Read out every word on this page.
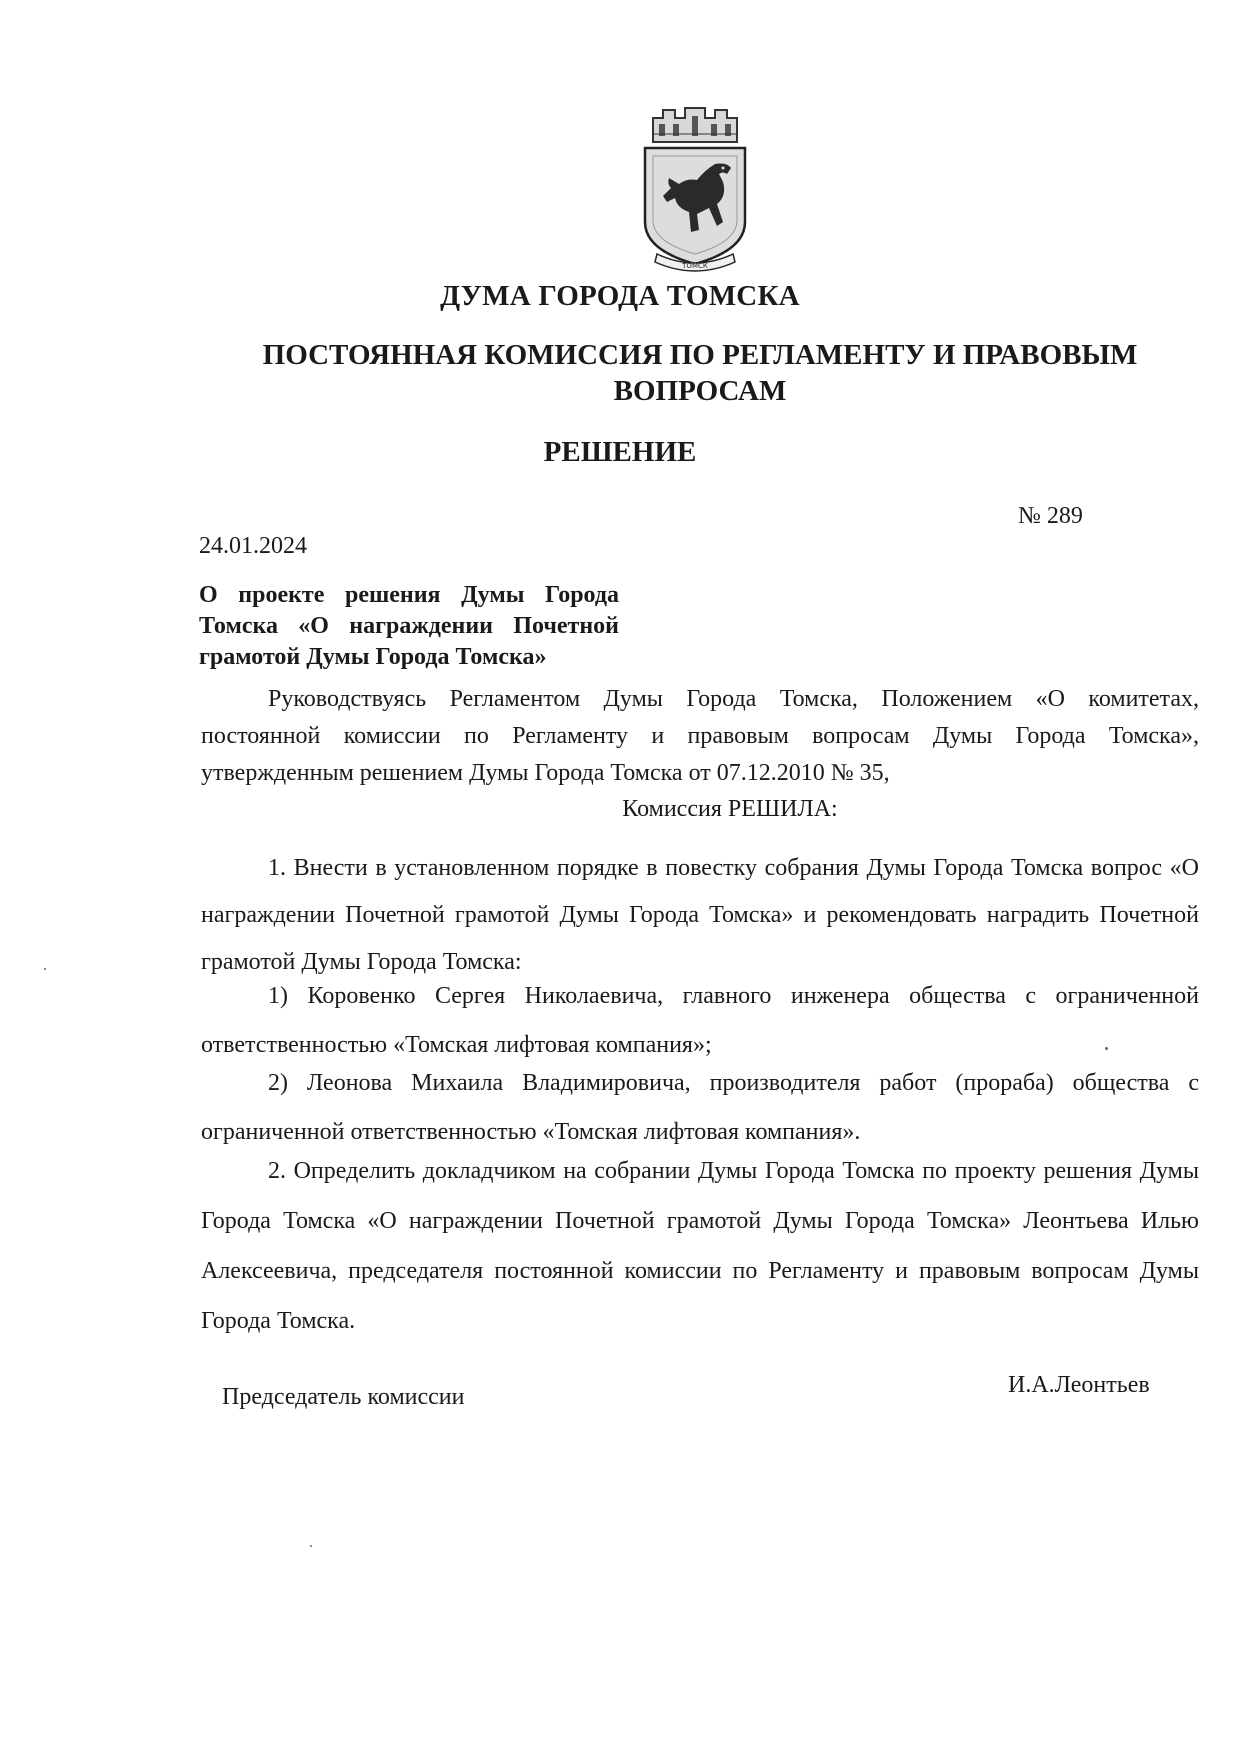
ТОМСК
ДУМА ГОРОДА ТОМСКА
ПОСТОЯННАЯ КОМИССИЯ ПО РЕГЛАМЕНТУ И ПРАВОВЫМ ВОПРОСАМ
РЕШЕНИЕ
№ 289
24.01.2024
О проекте решения Думы Города Томска «О награждении Почетной грамотой Думы Города Томска»
Руководствуясь Регламентом Думы Города Томска, Положением «О комитетах, постоянной комиссии по Регламенту и правовым вопросам Думы Города Томска», утвержденным решением Думы Города Томска от 07.12.2010 № 35,
Комиссия РЕШИЛА:
1. Внести в установленном порядке в повестку собрания Думы Города Томска вопрос «О награждении Почетной грамотой Думы Города Томска» и рекомендовать наградить Почетной грамотой Думы Города Томска:
1) Коровенко Сергея Николаевича, главного инженера общества с ограниченной ответственностью «Томская лифтовая компания»;
2) Леонова Михаила Владимировича, производителя работ (прораба) общества с ограниченной ответственностью «Томская лифтовая компания».
2. Определить докладчиком на собрании Думы Города Томска по проекту решения Думы Города Томска «О награждении Почетной грамотой Думы Города Томска» Леонтьева Илью Алексеевича, председателя постоянной комиссии по Регламенту и правовым вопросам Думы Города Томска.
Председатель комиссии	И.А.Леонтьев
